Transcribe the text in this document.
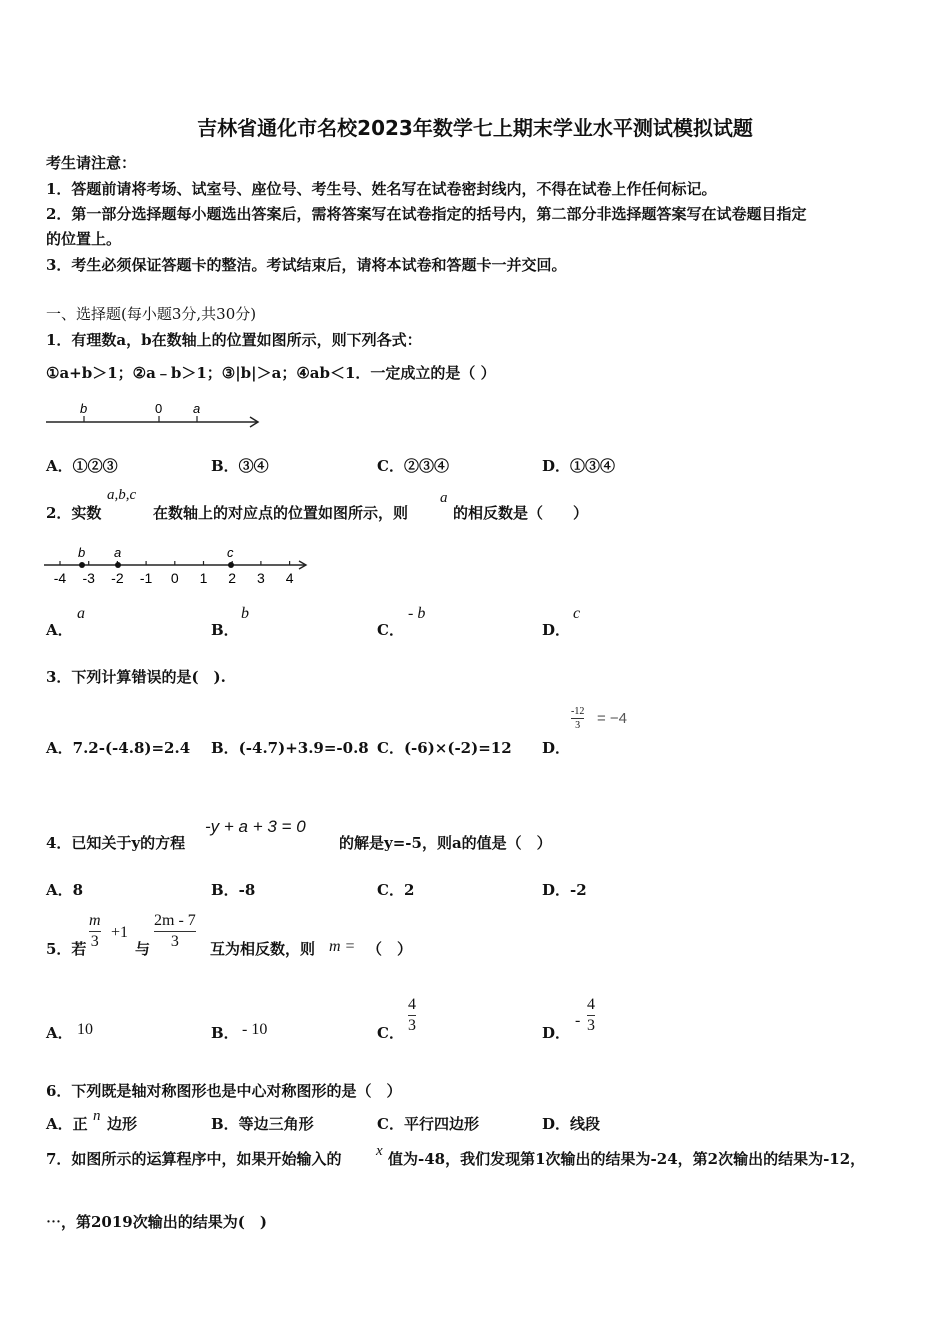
吉林省通化市名校2023年数学七上期末学业水平测试模拟试题
考生请注意：
1．答题前请将考场、试室号、座位号、考生号、姓名写在试卷密封线内，不得在试卷上作任何标记。
2．第一部分选择题每小题选出答案后，需将答案写在试卷指定的括号内，第二部分非选择题答案写在试卷题目指定
的位置上。
3．考生必须保证答题卡的整洁。考试结束后，请将本试卷和答题卡一并交回。
一、选择题(每小题3分,共30分)
1．有理数a，b在数轴上的位置如图所示，则下列各式：
①a+b＞1；②a﹣b＞1；③|b|＞a；④ab＜1．一定成立的是（ ）
b	0 a
A．①②③	B．③④	C．②③④	D．①③④
2．实数
a,b,c
在数轴上的对应点的位置如图所示，则
a
的相反数是（　　）
-4 -3 -2 -1 0 1 2 3 4
b a	c
A．
a
B．
b
C．
- b
D．
c
3．下列计算错误的是(　).
A．7.2-(-4.8)=2.4 B．(-4.7)+3.9=-0.8 C．(-6)×(-2)=12 D．
-12
3 = −4
4．已知关于y的方程
-y + a + 3 = 0
的解是y=-5，则a的值是（　）
A．8	B．-8	C．2	D．-2
5．若
m
3
+1
与
2m - 7
3	互为相反数，则 m = （　）
A． 10	B． - 10	C．
4
3	D．
-
4
3
6．下列既是轴对称图形也是中心对称图形的是（　）
A．正 n 边形	B．等边三角形	C．平行四边形	D．线段
7．如图所示的运算程序中，如果开始输入的 x 值为-48，我们发现第1次输出的结果为-24，第2次输出的结果为-12，
⋯，第2019次输出的结果为(　)
